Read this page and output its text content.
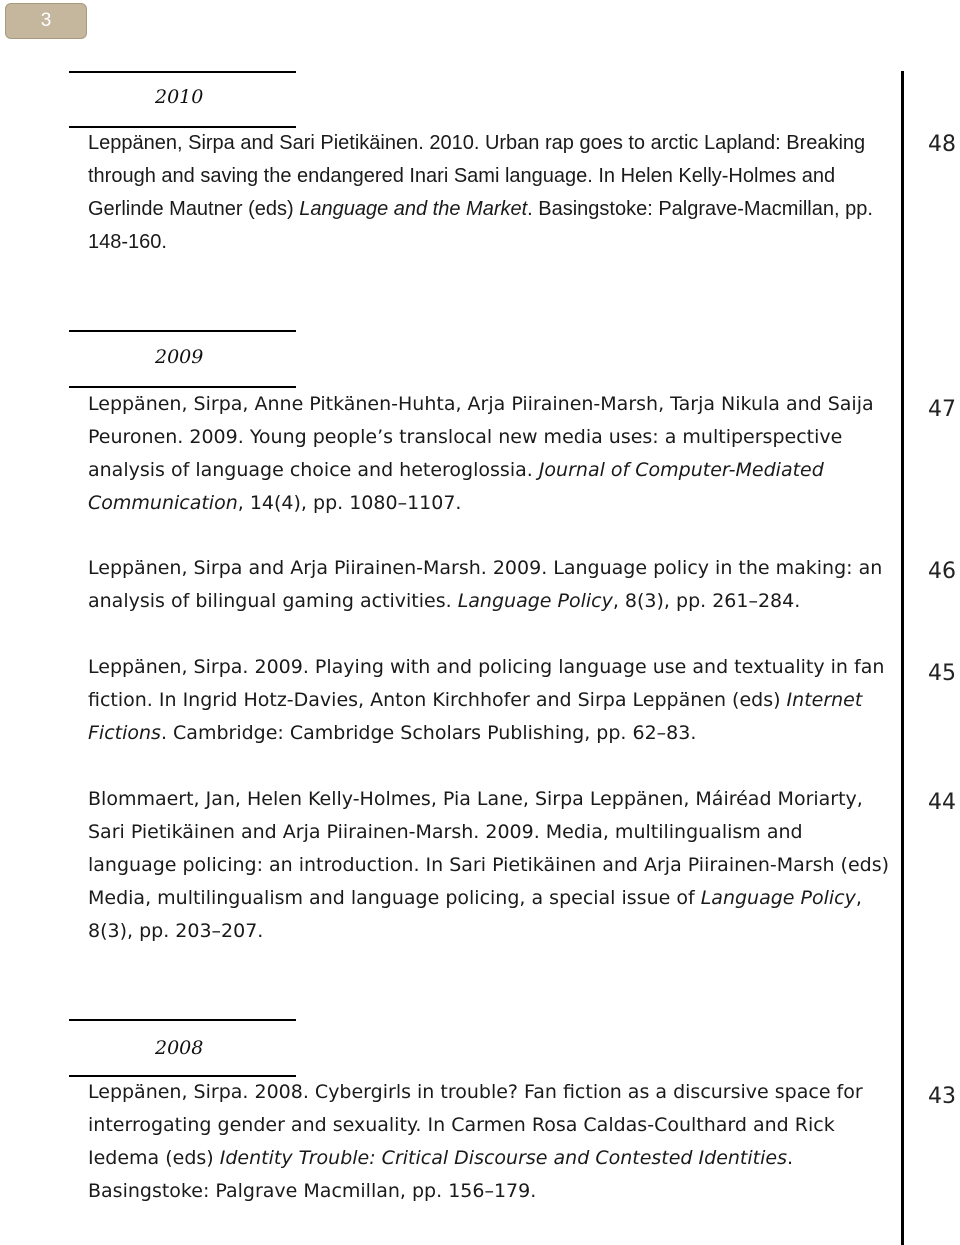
3
2010
Leppänen, Sirpa and Sari Pietikäinen. 2010. Urban rap goes to arctic Lapland: Breaking through and saving the endangered Inari Sami language. In Helen Kelly-Holmes and Gerlinde Mautner (eds) Language and the Market. Basingstoke: Palgrave-Macmillan, pp. 148-160.
48
2009
Leppänen, Sirpa, Anne Pitkänen-Huhta, Arja Piirainen-Marsh, Tarja Nikula and Saija Peuronen. 2009. Young people’s translocal new media uses: a multiperspective analysis of language choice and heteroglossia. Journal of Computer-Mediated Communication, 14(4), pp. 1080–1107.
47
Leppänen, Sirpa and Arja Piirainen-Marsh. 2009. Language policy in the making: an analysis of bilingual gaming activities. Language Policy, 8(3), pp. 261–284.
46
Leppänen, Sirpa. 2009. Playing with and policing language use and textuality in fan fiction. In Ingrid Hotz-Davies, Anton Kirchhofer and Sirpa Leppänen (eds) Internet Fictions. Cambridge: Cambridge Scholars Publishing, pp. 62–83.
45
Blommaert, Jan, Helen Kelly-Holmes, Pia Lane, Sirpa Leppänen, Máiréad Moriarty, Sari Pietikäinen and Arja Piirainen-Marsh. 2009. Media, multilingualism and language policing: an introduction. In Sari Pietikäinen and Arja Piirainen-Marsh (eds) Media, multilingualism and language policing, a special issue of Language Policy, 8(3), pp. 203–207.
44
2008
Leppänen, Sirpa. 2008. Cybergirls in trouble? Fan fiction as a discursive space for interrogating gender and sexuality. In Carmen Rosa Caldas-Coulthard and Rick Iedema (eds) Identity Trouble: Critical Discourse and Contested Identities. Basingstoke: Palgrave Macmillan, pp. 156–179.
43
